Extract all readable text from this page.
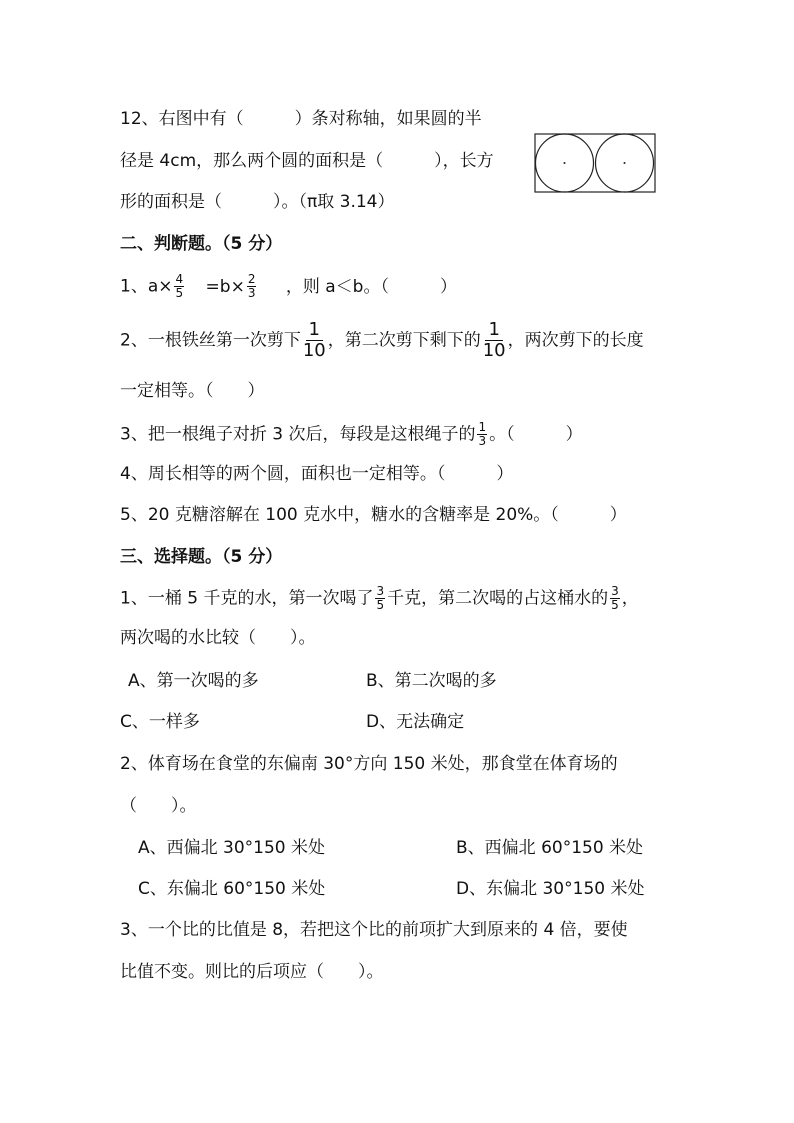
12、右图中有（　　　）条对称轴，如果圆的半
径是 4cm，那么两个圆的面积是（　　　），长方
形的面积是（　　　）。（π取 3.14）
二、判断题。（5 分）
1、$a\times \frac{4}{5} =b\times \frac{2}{3}$ ，则 a＜b。（　　　）
2、一根铁丝第一次剪下 $\frac{1}{10}$ ，第二次剪下剩下的 $\frac{1}{10}$ ，两次剪下的长度
一定相等。（　　）
3、把一根绳子对折 3 次后，每段是这根绳子的 $\frac{1}{3}$ 。（　　　）
4、周长相等的两个圆，面积也一定相等。（　　　）
5、20 克糖溶解在 100 克水中，糖水的含糖率是 20%。（　　　）
三、选择题。（5 分）
1、一桶 5 千克的水，第一次喝了 $\frac{3}{5}$ 千克，第二次喝的占这桶水的 $\frac{3}{5}$ ，
两次喝的水比较（　　）。
A、第一次喝的多	B、第二次喝的多
C、一样多	D、无法确定
2、体育场在食堂的东偏南 30°方向 150 米处，那食堂在体育场的
（　　）。
A、西偏北 30°150 米处	B、西偏北 60°150 米处
C、东偏北 60°150 米处	D、东偏北 30°150 米处
3、一个比的比值是 8，若把这个比的前项扩大到原来的 4 倍，要使
比值不变。则比的后项应（　　）。
